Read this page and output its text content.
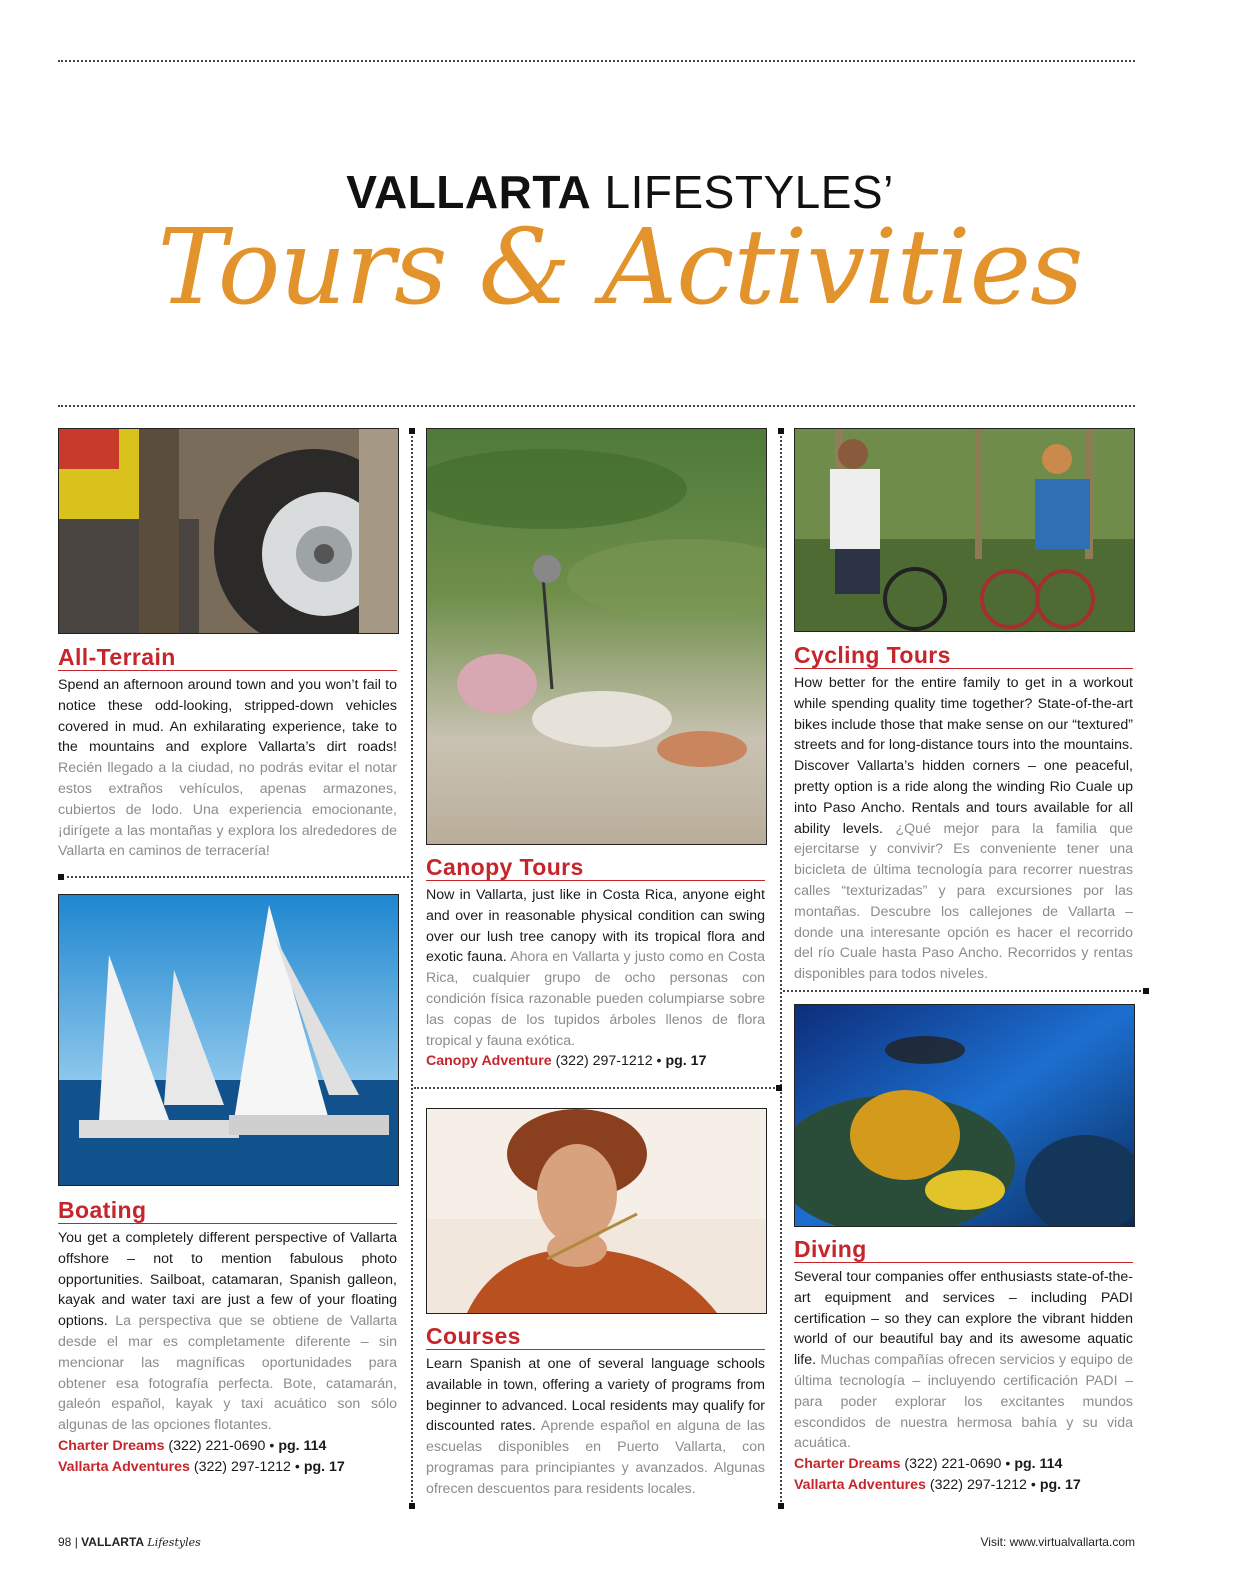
VALLARTA LIFESTYLES’
Tours & Activities
All-Terrain

Spend an afternoon around town and you won’t fail to notice these odd-looking, stripped-down vehicles covered in mud. An exhilarating experience, take to the mountains and explore Vallarta’s dirt roads! Recién llegado a la ciudad, no podrás evitar el notar estos extraños vehículos, apenas armazones, cubiertos de lodo. Una experiencia emocionante, ¡dirígete a las montañas y explora los alrededores de Vallarta en caminos de terracería!

Canopy Tours

Now in Vallarta, just like in Costa Rica, anyone eight and over in reasonable physical condition can swing over our lush tree canopy with its tropical flora and exotic fauna. Ahora en Vallarta y justo como en Costa Rica, cualquier grupo de ocho personas con condición física razonable pueden columpiarse sobre las copas de los tupidos árboles llenos de flora tropical y fauna exótica.

Canopy Adventure (322) 297-1212 • pg. 17

Cycling Tours

How better for the entire family to get in a workout while spending quality time together? State-of-the-art bikes include those that make sense on our “textured” streets and for long-distance tours into the mountains. Discover Vallarta’s hidden corners – one peaceful, pretty option is a ride along the winding Rio Cuale up into Paso Ancho. Rentals and tours available for all ability levels. ¿Qué mejor para la familia que ejercitarse y convivir? Es conveniente tener una bicicleta de última tecnología para recorrer nuestras calles “texturizadas” y para excursiones por las montañas. Descubre los callejones de Vallarta – donde una interesante opción es hacer el recorrido del río Cuale hasta Paso Ancho. Recorridos y rentas disponibles para todos niveles.

Boating

You get a completely different perspective of Vallarta offshore – not to mention fabulous photo opportunities. Sailboat, catamaran, Spanish galleon, kayak and water taxi are just a few of your floating options. La perspectiva que se obtiene de Vallarta desde el mar es completamente diferente – sin mencionar las magníficas oportunidades para obtener esa fotografía perfecta. Bote, catamarán, galeón español, kayak y taxi acuático son sólo algunas de las opciones flotantes.

Charter Dreams (322) 221-0690 • pg. 114

Vallarta Adventures (322) 297-1212 • pg. 17

Courses

Learn Spanish at one of several language schools available in town, offering a variety of programs from beginner to advanced. Local residents may qualify for discounted rates. Aprende español en alguna de las escuelas disponibles en Puerto Vallarta, con programas para principiantes y avanzados. Algunas ofrecen descuentos para residents locales.

Diving

Several tour companies offer enthusiasts state-of-the-art equipment and services – including PADI certification – so they can explore the vibrant hidden world of our beautiful bay and its awesome aquatic life. Muchas compañías ofrecen servicios y equipo de última tecnología – incluyendo certificación PADI – para poder explorar los excitantes mundos escondidos de nuestra hermosa bahía y su vida acuática.

Charter Dreams (322) 221-0690 • pg. 114

Vallarta Adventures (322) 297-1212 • pg. 17

98 | VALLARTA Lifestyles	Visit: www.virtualvallarta.com
